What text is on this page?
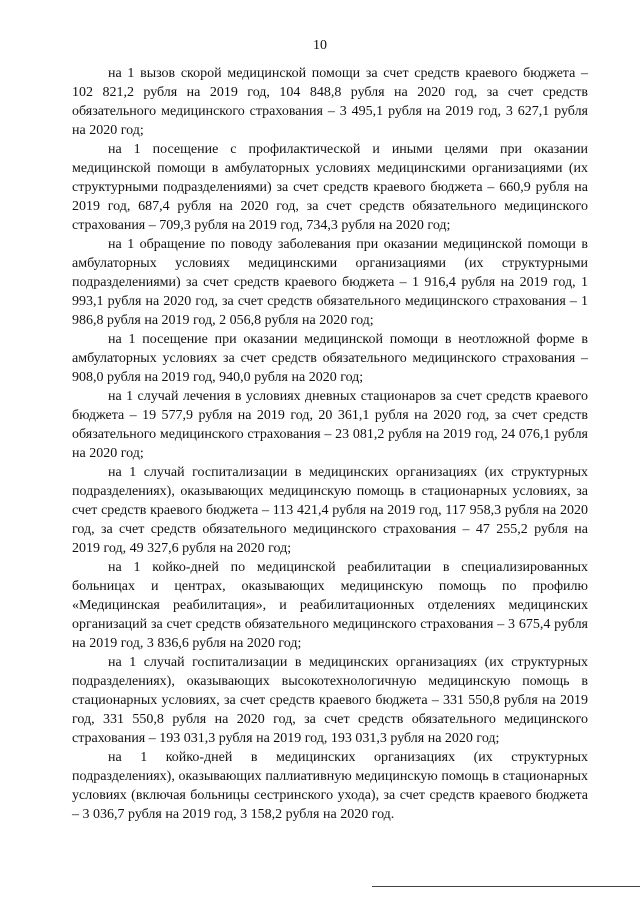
10

на 1 вызов скорой медицинской помощи за счет средств краевого бюджета – 102 821,2 рубля на 2019 год, 104 848,8 рубля на 2020 год, за счет средств обязательного медицинского страхования – 3 495,1 рубля на 2019 год, 3 627,1 рубля на 2020 год;

на 1 посещение с профилактической и иными целями при оказании медицинской помощи в амбулаторных условиях медицинскими организациями (их структурными подразделениями) за счет средств краевого бюджета – 660,9 рубля на 2019 год, 687,4 рубля на 2020 год, за счет средств обязательного медицинского страхования – 709,3 рубля на 2019 год, 734,3 рубля на 2020 год;

на 1 обращение по поводу заболевания при оказании медицинской помощи в амбулаторных условиях медицинскими организациями (их структурными подразделениями) за счет средств краевого бюджета – 1 916,4 рубля на 2019 год, 1 993,1 рубля на 2020 год, за счет средств обязательного медицинского страхования – 1 986,8 рубля на 2019 год, 2 056,8 рубля на 2020 год;

на 1 посещение при оказании медицинской помощи в неотложной форме в амбулаторных условиях за счет средств обязательного медицинского страхования – 908,0 рубля на 2019 год, 940,0 рубля на 2020 год;

на 1 случай лечения в условиях дневных стационаров за счет средств краевого бюджета – 19 577,9 рубля на 2019 год, 20 361,1 рубля на 2020 год, за счет средств обязательного медицинского страхования – 23 081,2 рубля на 2019 год, 24 076,1 рубля на 2020 год;

на 1 случай госпитализации в медицинских организациях (их структурных подразделениях), оказывающих медицинскую помощь в стационарных условиях, за счет средств краевого бюджета – 113 421,4 рубля на 2019 год, 117 958,3 рубля на 2020 год, за счет средств обязательного медицинского страхования – 47 255,2 рубля на 2019 год, 49 327,6 рубля на 2020 год;

на 1 койко-дней по медицинской реабилитации в специализированных больницах и центрах, оказывающих медицинскую помощь по профилю «Медицинская реабилитация», и реабилитационных отделениях медицинских организаций за счет средств обязательного медицинского страхования – 3 675,4 рубля на 2019 год, 3 836,6 рубля на 2020 год;

на 1 случай госпитализации в медицинских организациях (их структурных подразделениях), оказывающих высокотехнологичную медицинскую помощь в стационарных условиях, за счет средств краевого бюджета – 331 550,8 рубля на 2019 год, 331 550,8 рубля на 2020 год, за счет средств обязательного медицинского страхования – 193 031,3 рубля на 2019 год, 193 031,3 рубля на 2020 год;

на 1 койко-дней в медицинских организациях (их структурных подразделениях), оказывающих паллиативную медицинскую помощь в стационарных условиях (включая больницы сестринского ухода), за счет средств краевого бюджета – 3 036,7 рубля на 2019 год, 3 158,2 рубля на 2020 год.
